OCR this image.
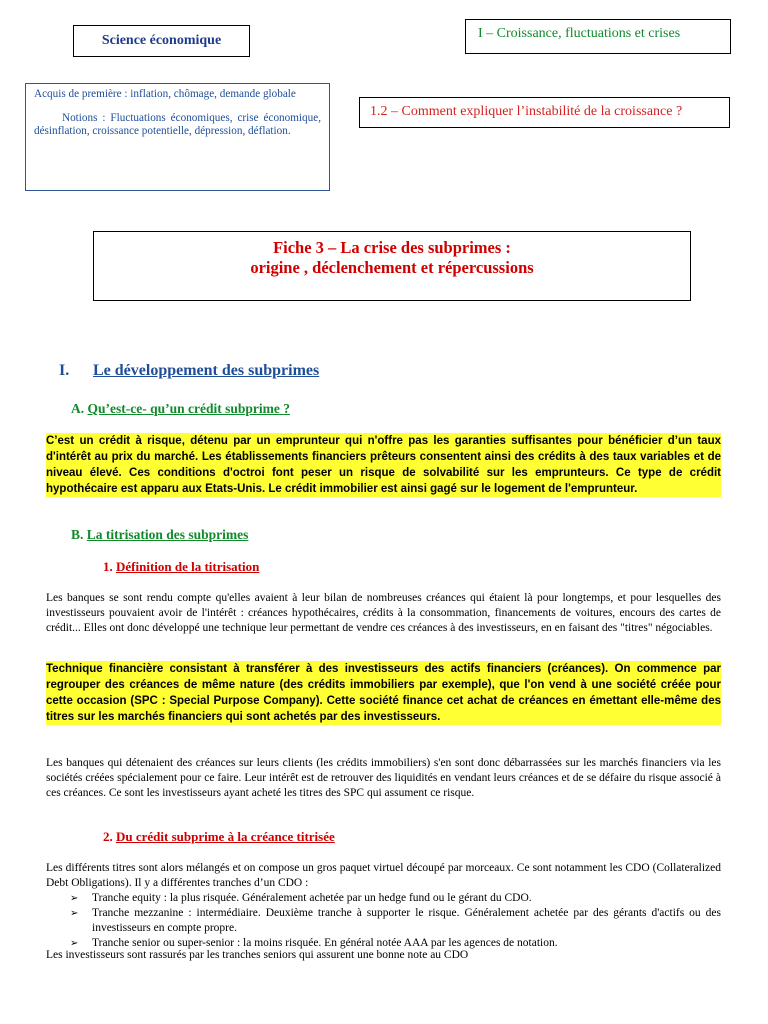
Science économique	I – Croissance, fluctuations et crises

Acquis de première : inflation, chômage, demande globale

Notions : Fluctuations économiques, crise économique, désinflation, croissance potentielle, dépression, déflation.

1.2 – Comment expliquer l’instabilité de la croissance ?
Fiche 3 – La crise des subprimes :
origine , déclenchement et répercussions
I. Le développement des subprimes
A. Qu’est-ce- qu’un crédit subprime ?
C’est un crédit à risque, détenu par un emprunteur qui n'offre pas les garanties suffisantes pour bénéficier d’un taux d'intérêt au prix du marché. Les établissements financiers prêteurs consentent ainsi des crédits à des taux variables et de niveau élevé. Ces conditions d'octroi font peser un risque de solvabilité sur les emprunteurs. Ce type de crédit hypothécaire est apparu aux Etats-Unis. Le crédit immobilier est ainsi gagé sur le logement de l'emprunteur.
B. La titrisation des subprimes
1. Définition de la titrisation
Les banques se sont rendu compte qu'elles avaient à leur bilan de nombreuses créances qui étaient là pour longtemps, et pour lesquelles des investisseurs pouvaient avoir de l'intérêt : créances hypothécaires, crédits à la consommation, financements de voitures, encours des cartes de crédit... Elles ont donc développé une technique leur permettant de vendre ces créances à des investisseurs, en en faisant des "titres" négociables.
Technique financière consistant à transférer à des investisseurs des actifs financiers (créances). On commence par regrouper des créances de même nature (des crédits immobiliers par exemple), que l'on vend à une société créée pour cette occasion (SPC : Special Purpose Company). Cette société finance cet achat de créances en émettant elle-même des titres sur les marchés financiers qui sont achetés par des investisseurs.
Les banques qui détenaient des créances sur leurs clients (les crédits immobiliers) s'en sont donc débarrassées sur les marchés financiers via les sociétés créées spécialement pour ce faire. Leur intérêt est de retrouver des liquidités en vendant leurs créances et de se défaire du risque associé à ces créances. Ce sont les investisseurs ayant acheté les titres des SPC qui assument ce risque.
2. Du crédit subprime à la créance titrisée
Les différents titres sont alors mélangés et on compose un gros paquet virtuel découpé par morceaux. Ce sont notamment les CDO (Collateralized Debt Obligations). Il y a différentes tranches d’un CDO :
➢ Tranche equity : la plus risquée. Généralement achetée par un hedge fund ou le gérant du CDO.
➢ Tranche mezzanine : intermédiaire. Deuxième tranche à supporter le risque. Généralement achetée par des gérants d'actifs ou des investisseurs en compte propre.
➢ Tranche senior ou super-senior : la moins risquée. En général notée AAA par les agences de notation.
Les investisseurs sont rassurés par les tranches seniors qui assurent une bonne note au CDO
